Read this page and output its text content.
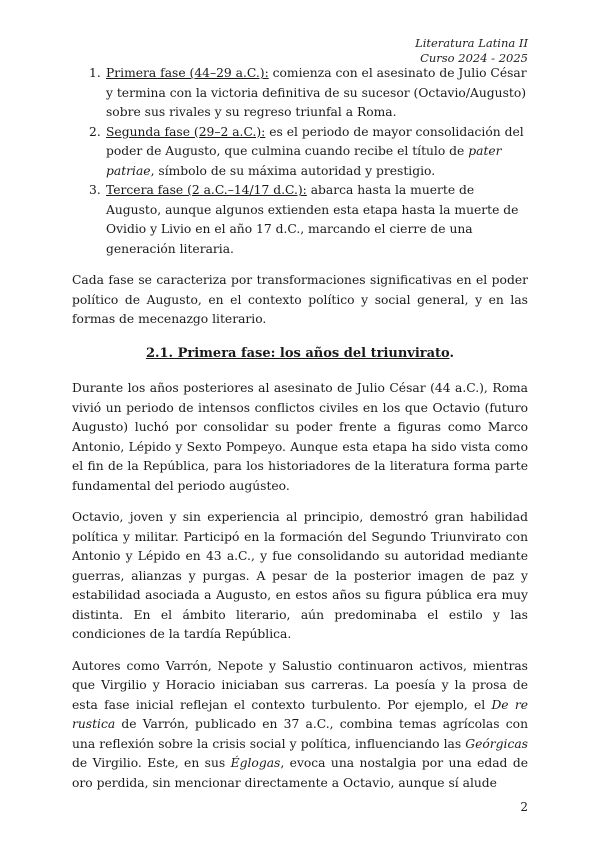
Literatura Latina II
Curso 2024 - 2025
1. Primera fase (44–29 a.C.): comienza con el asesinato de Julio César y termina con la victoria definitiva de su sucesor (Octavio/Augusto) sobre sus rivales y su regreso triunfal a Roma.
2. Segunda fase (29–2 a.C.): es el periodo de mayor consolidación del poder de Augusto, que culmina cuando recibe el título de pater patriae, símbolo de su máxima autoridad y prestigio.
3. Tercera fase (2 a.C.–14/17 d.C.): abarca hasta la muerte de Augusto, aunque algunos extienden esta etapa hasta la muerte de Ovidio y Livio en el año 17 d.C., marcando el cierre de una generación literaria.

Cada fase se caracteriza por transformaciones significativas en el poder político de Augusto, en el contexto político y social general, y en las formas de mecenazgo literario.

2.1. Primera fase: los años del triunvirato.

Durante los años posteriores al asesinato de Julio César (44 a.C.), Roma vivió un periodo de intensos conflictos civiles en los que Octavio (futuro Augusto) luchó por consolidar su poder frente a figuras como Marco Antonio, Lépido y Sexto Pompeyo. Aunque esta etapa ha sido vista como el fin de la República, para los historiadores de la literatura forma parte fundamental del periodo augústeo.

Octavio, joven y sin experiencia al principio, demostró gran habilidad política y militar. Participó en la formación del Segundo Triunvirato con Antonio y Lépido en 43 a.C., y fue consolidando su autoridad mediante guerras, alianzas y purgas. A pesar de la posterior imagen de paz y estabilidad asociada a Augusto, en estos años su figura pública era muy distinta. En el ámbito literario, aún predominaba el estilo y las condiciones de la tardía República.

Autores como Varrón, Nepote y Salustio continuaron activos, mientras que Virgilio y Horacio iniciaban sus carreras. La poesía y la prosa de esta fase inicial reflejan el contexto turbulento. Por ejemplo, el De re rustica de Varrón, publicado en 37 a.C., combina temas agrícolas con una reflexión sobre la crisis social y política, influenciando las Geórgicas de Virgilio. Este, en sus Églogas, evoca una nostalgia por una edad de oro perdida, sin mencionar directamente a Octavio, aunque sí alude

2
